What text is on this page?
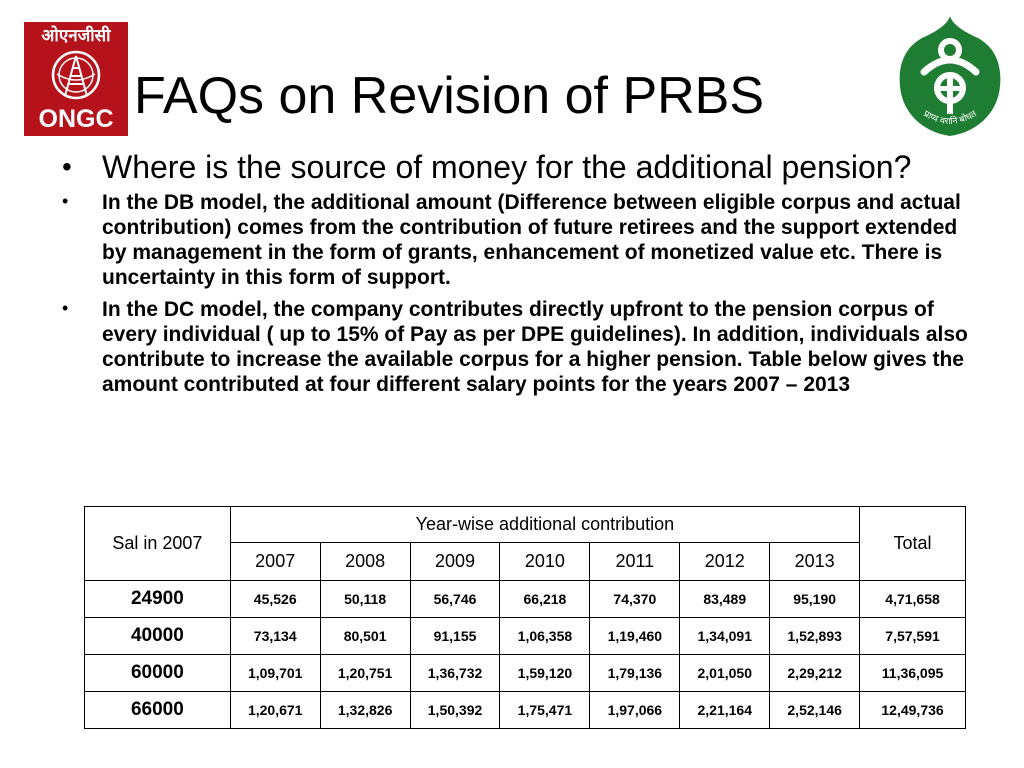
ओएनजीसी
ONGC FAQs on Revision of PRBS	प्राप्य वरानि बोधत
• Where is the source of money for the additional pension?
• In the DB model, the additional amount (Difference between eligible corpus and actual contribution) comes from the contribution of future retirees and the support extended by management in the form of grants, enhancement of monetized value etc. There is uncertainty in this form of support.
• In the DC model, the company contributes directly upfront to the pension corpus of every individual ( up to 15% of Pay as per DPE guidelines). In addition, individuals also contribute to increase the available corpus for a higher pension. Table below gives the amount contributed at four different salary points for the years 2007 – 2013
Sal in 2007	Year-wise additional contribution							Total
	2007	2008	2009	2010	2011	2012	2013	
24900	45,526	50,118	56,746	66,218	74,370	83,489	95,190	4,71,658
40000	73,134	80,501	91,155	1,06,358	1,19,460	1,34,091	1,52,893	7,57,591
60000	1,09,701	1,20,751	1,36,732	1,59,120	1,79,136	2,01,050	2,29,212	11,36,095
66000	1,20,671	1,32,826	1,50,392	1,75,471	1,97,066	2,21,164	2,52,146	12,49,736
November 18, 2014
